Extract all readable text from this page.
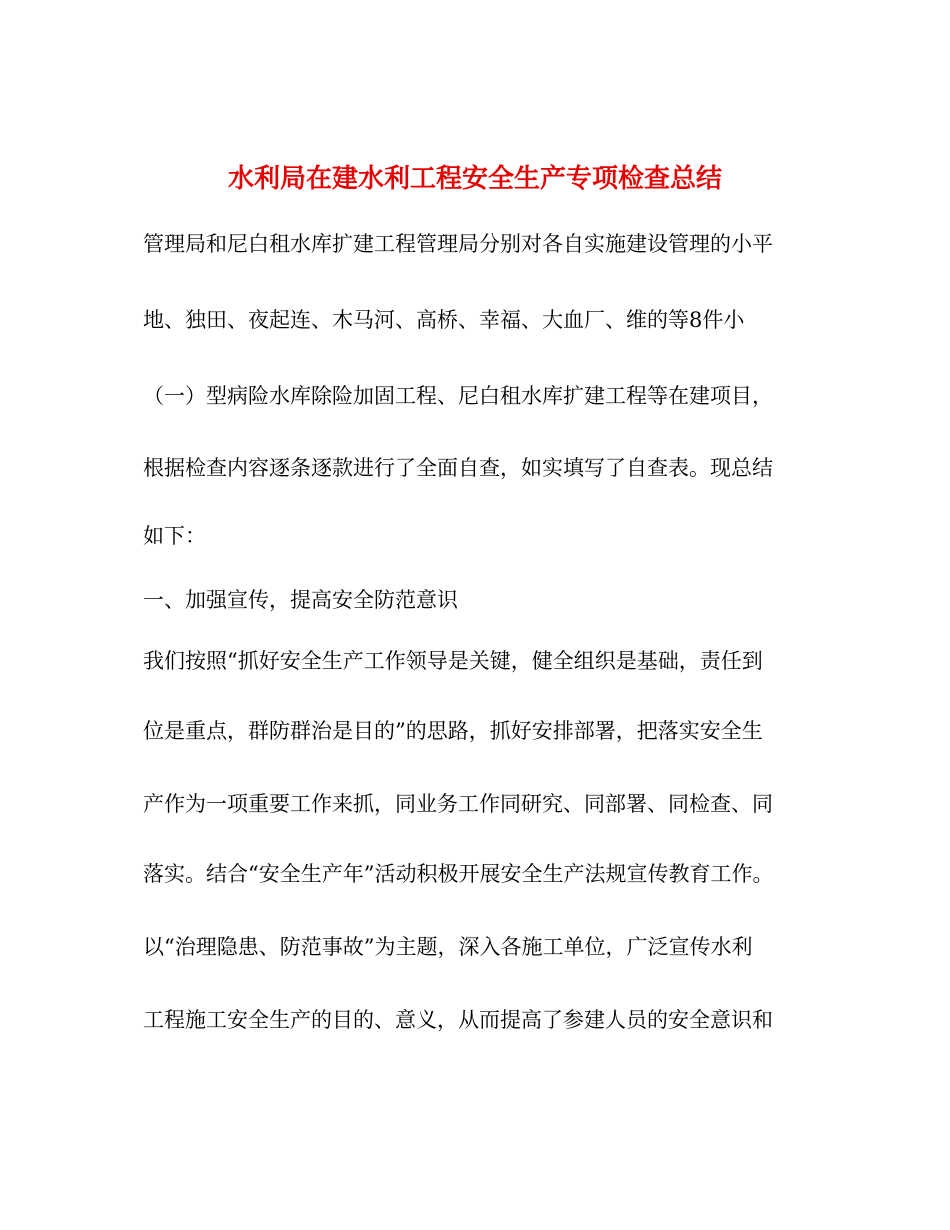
水利局在建水利工程安全生产专项检查总结
管理局和尼白租水库扩建工程管理局分别对各自实施建设管理的小平
地、独田、夜起连、木马河、高桥、幸福、大血厂、维的等8件小
（一）型病险水库除险加固工程、尼白租水库扩建工程等在建项目，
根据检查内容逐条逐款进行了全面自查，如实填写了自查表。现总结
如下：
一、加强宣传，提高安全防范意识
我们按照“抓好安全生产工作领导是关键，健全组织是基础，责任到
位是重点，群防群治是目的”的思路，抓好安排部署，把落实安全生
产作为一项重要工作来抓，同业务工作同研究、同部署、同检查、同
落实。结合“安全生产年”活动积极开展安全生产法规宣传教育工作。
以“治理隐患、防范事故”为主题，深入各施工单位，广泛宣传水利
工程施工安全生产的目的、意义，从而提高了参建人员的安全意识和
